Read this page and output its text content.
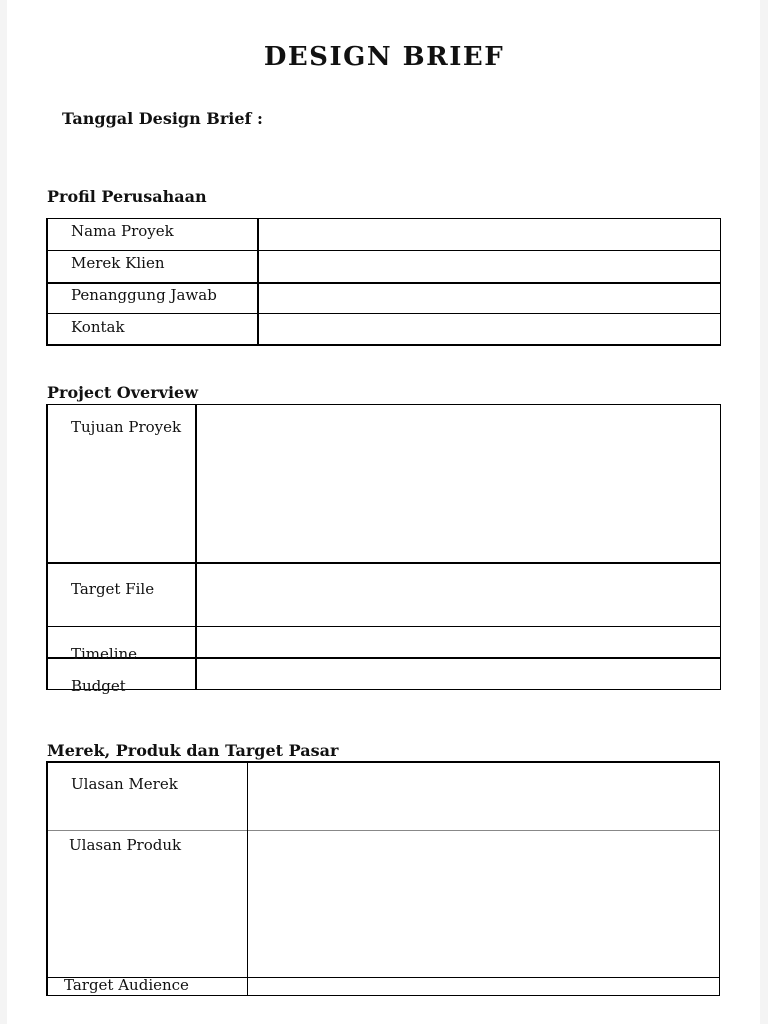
DESIGN BRIEF
Tanggal Design Brief :
Profil Perusahaan
Nama Proyek
Merek Klien
Penanggung Jawab
Kontak
Project Overview
Tujuan Proyek
Target File
Timeline
Budget
Merek, Produk dan Target Pasar
Ulasan Merek
Ulasan Produk
Target Audience
